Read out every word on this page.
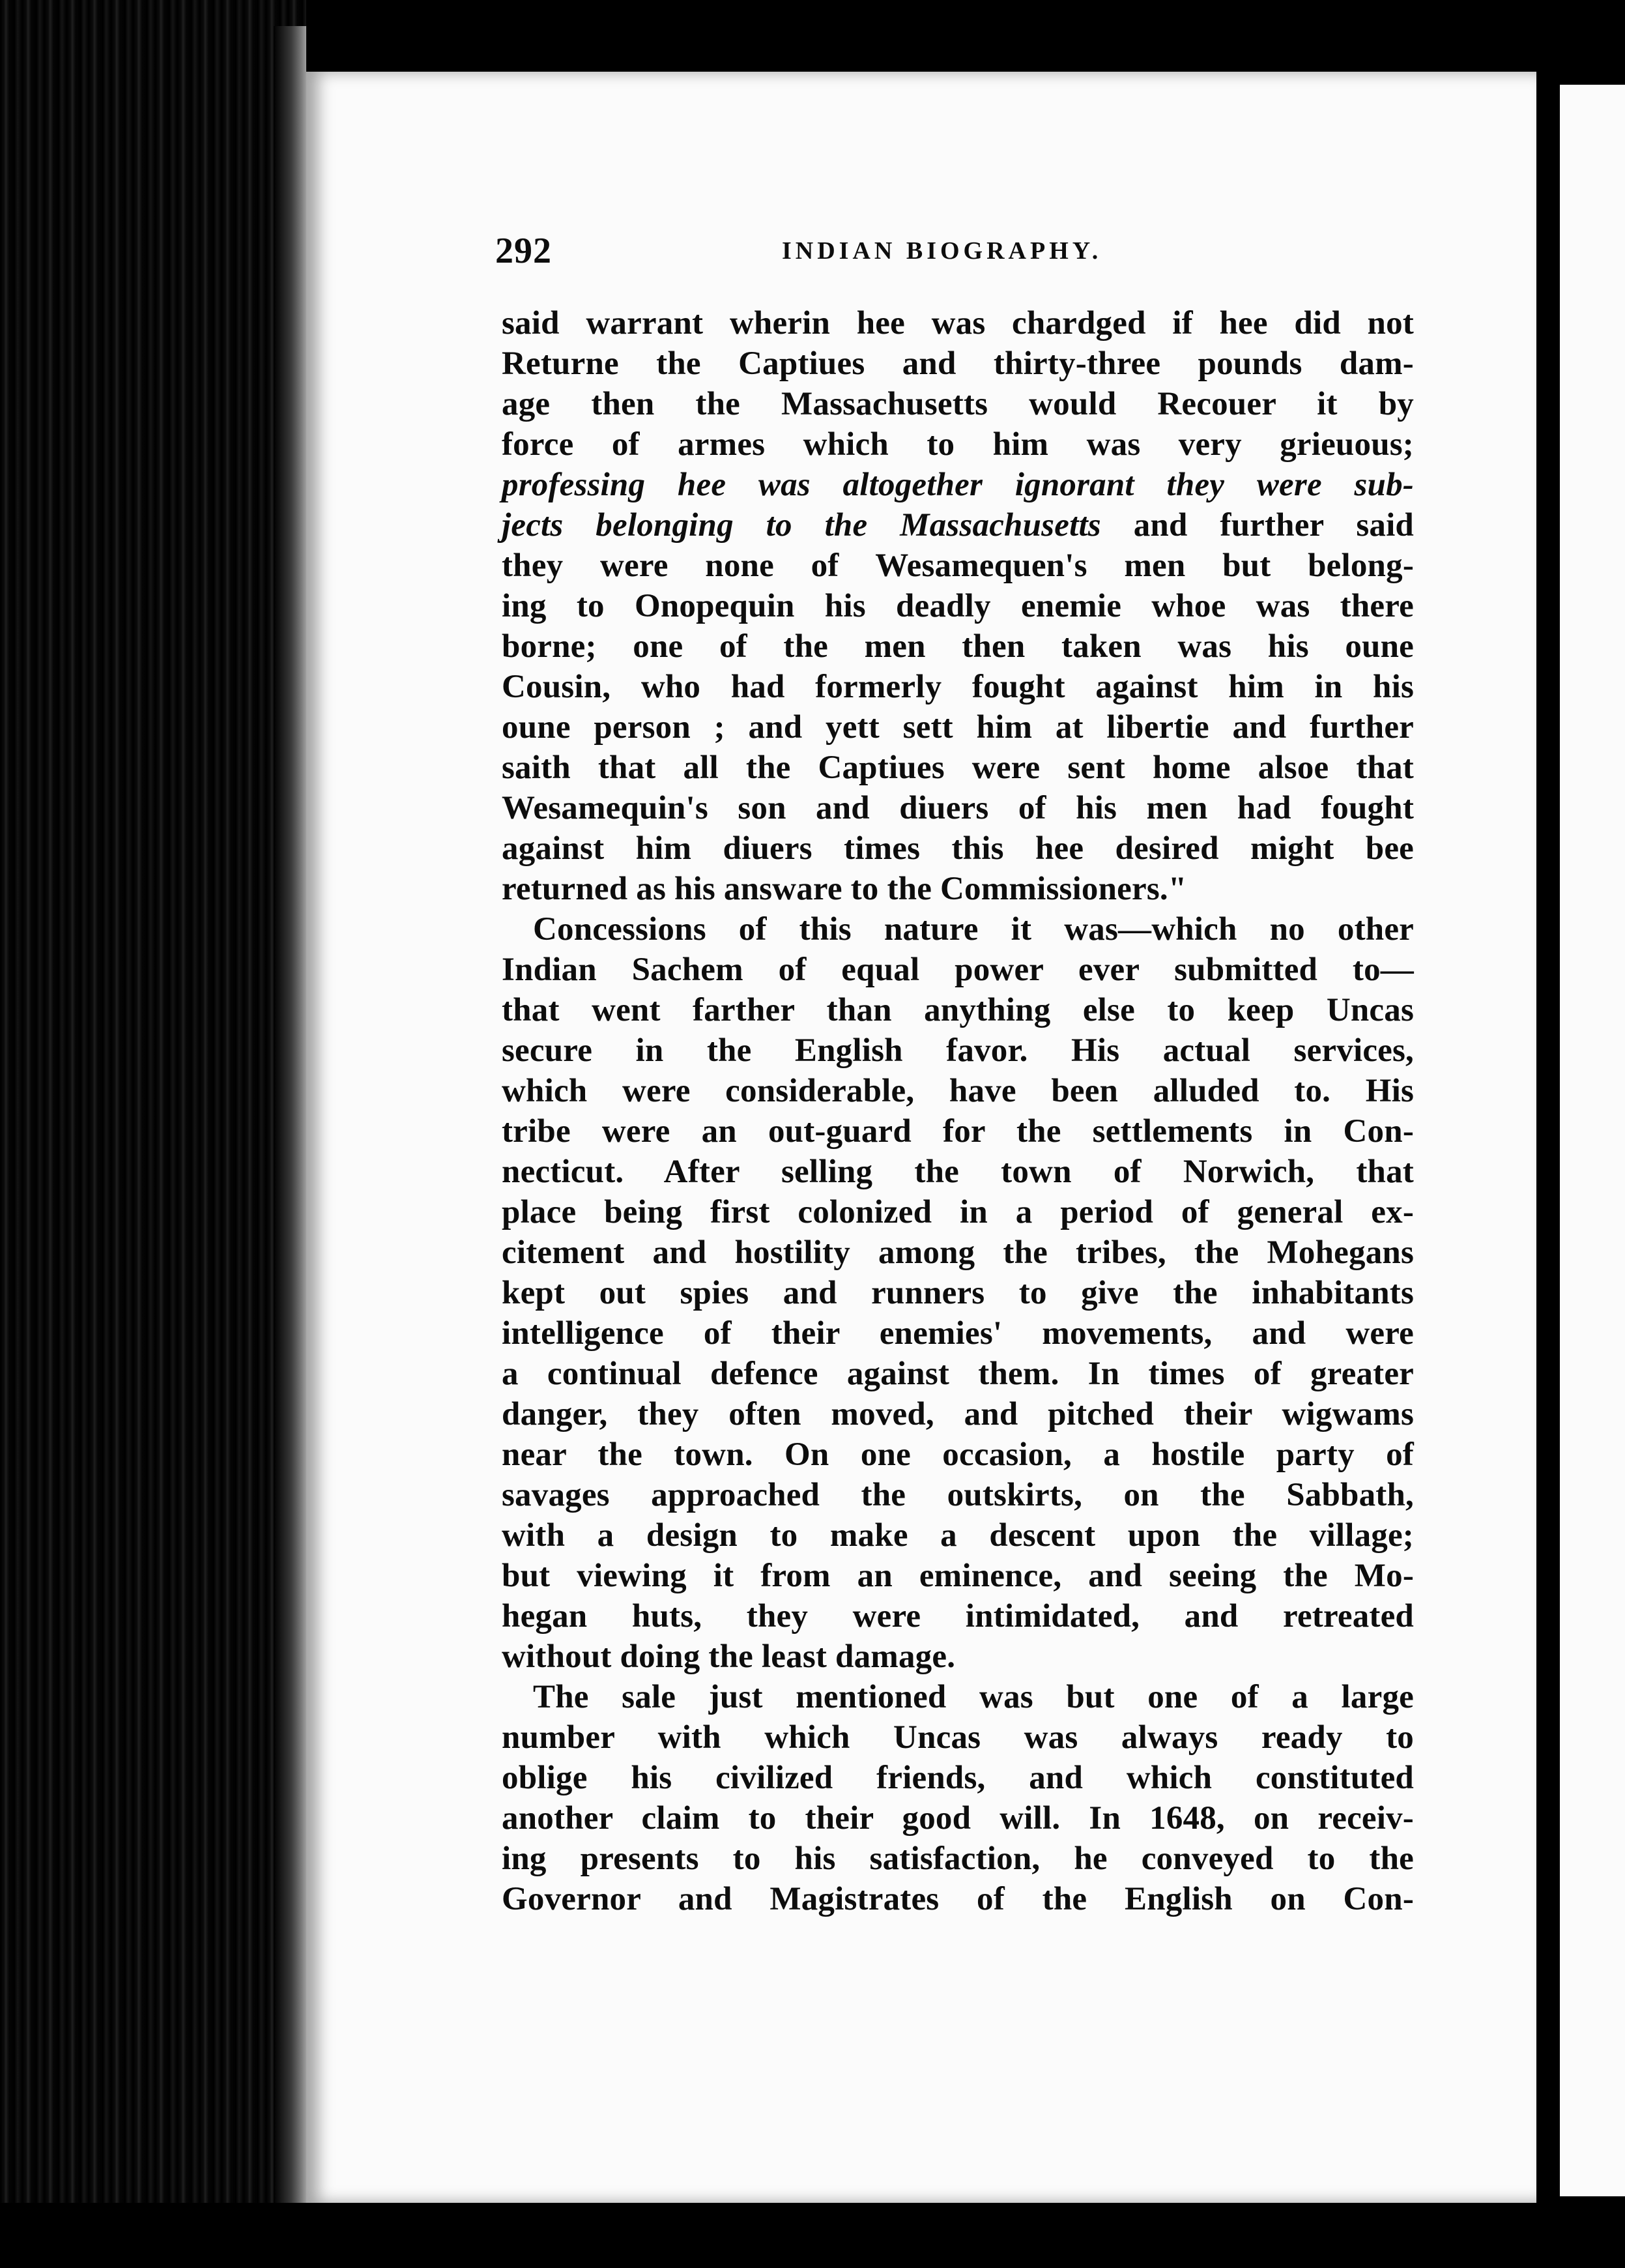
292	INDIAN BIOGRAPHY.
said warrant wherin hee was chardged if hee did not
Returne the Captiues and thirty-three pounds dam-
age then the Massachusetts would Recouer it by
force of armes which to him was very grieuous;
professing hee was altogether ignorant they were sub-
jects belonging to the Massachusetts and further said
they were none of Wesamequen's men but belong-
ing to Onopequin his deadly enemie whoe was there
borne; one of the men then taken was his oune
Cousin, who had formerly fought against him in his
oune person ; and yett sett him at libertie and further
saith that all the Captiues were sent home alsoe that
Wesamequin's son and diuers of his men had fought
against him diuers times this hee desired might bee
returned as his answare to the Commissioners."
Concessions of this nature it was—which no other
Indian Sachem of equal power ever submitted to—
that went farther than anything else to keep Uncas
secure in the English favor. His actual services,
which were considerable, have been alluded to. His
tribe were an out-guard for the settlements in Con-
necticut. After selling the town of Norwich, that
place being first colonized in a period of general ex-
citement and hostility among the tribes, the Mohegans
kept out spies and runners to give the inhabitants
intelligence of their enemies' movements, and were
a continual defence against them. In times of greater
danger, they often moved, and pitched their wigwams
near the town. On one occasion, a hostile party of
savages approached the outskirts, on the Sabbath,
with a design to make a descent upon the village;
but viewing it from an eminence, and seeing the Mo-
hegan huts, they were intimidated, and retreated
without doing the least damage.
The sale just mentioned was but one of a large
number with which Uncas was always ready to
oblige his civilized friends, and which constituted
another claim to their good will. In 1648, on receiv-
ing presents to his satisfaction, he conveyed to the
Governor and Magistrates of the English on Con-
